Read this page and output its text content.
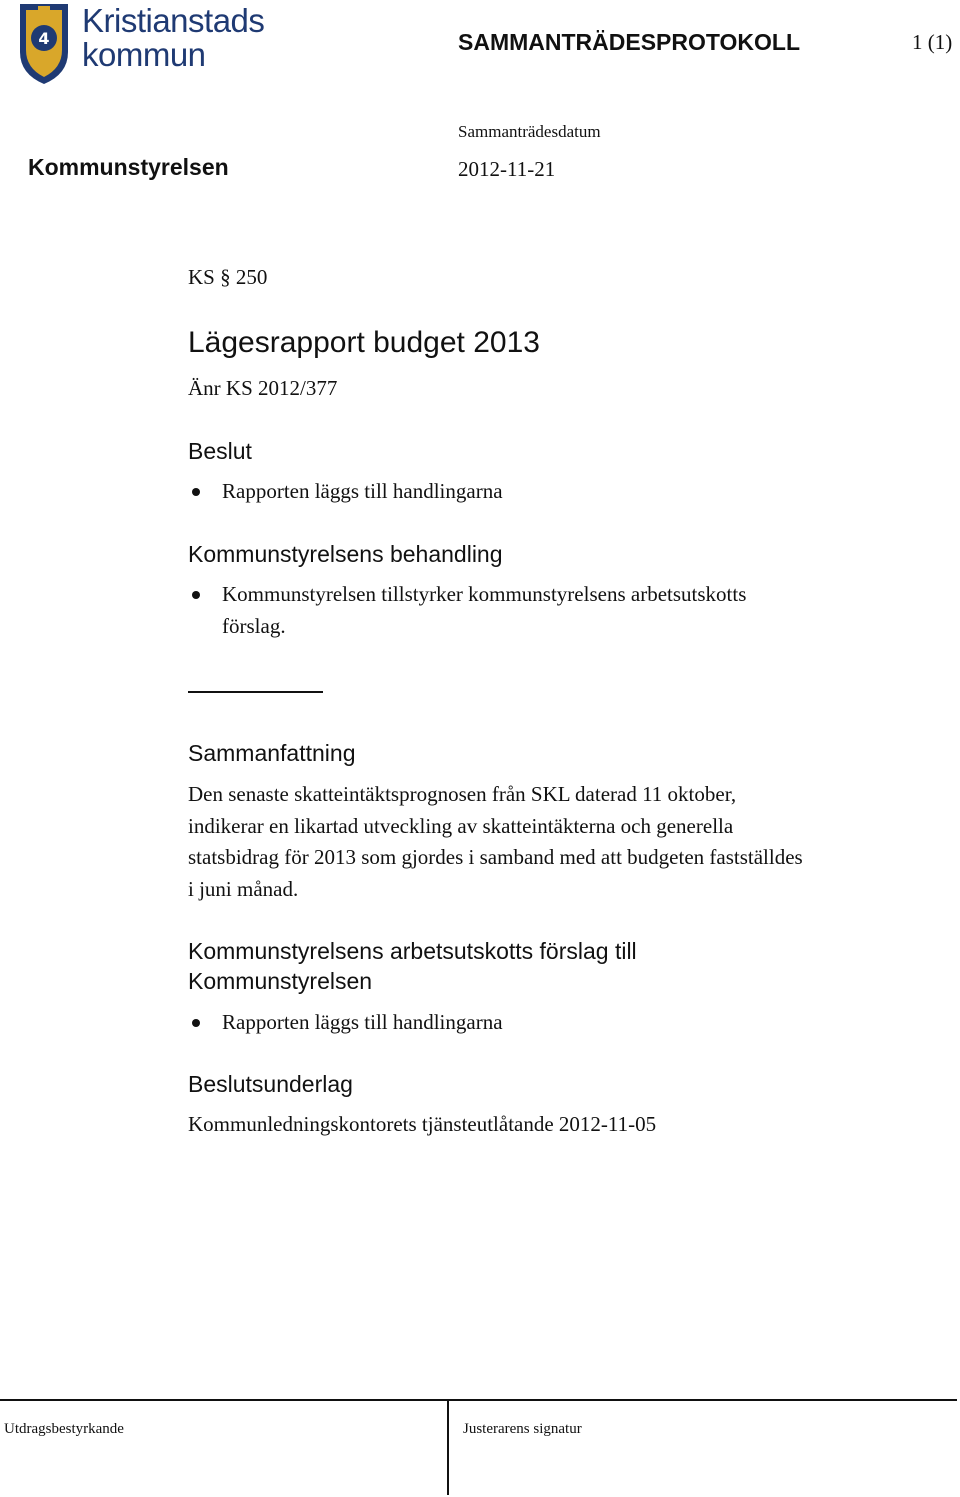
4 Kristianstads
kommun	SAMMANTRÄDESPROTOKOLL	1 (1)
Kommunstyrelsen
Sammanträdesdatum
2012-11-21
KS § 250
Lägesrapport budget 2013
Änr KS 2012/377
Beslut
Rapporten läggs till handlingarna
Kommunstyrelsens behandling
Kommunstyrelsen tillstyrker kommunstyrelsens arbetsutskotts
förslag.
Sammanfattning
Den senaste skatteintäktsprognosen från SKL daterad 11 oktober,
indikerar en likartad utveckling av skatteintäkterna och generella
statsbidrag för 2013 som gjordes i samband med att budgeten fastställdes
i juni månad.
Kommunstyrelsens arbetsutskotts förslag till
Kommunstyrelsen
Rapporten läggs till handlingarna
Beslutsunderlag
Kommunledningskontorets tjänsteutlåtande 2012-11-05
Utdragsbestyrkande	Justerarens signatur
